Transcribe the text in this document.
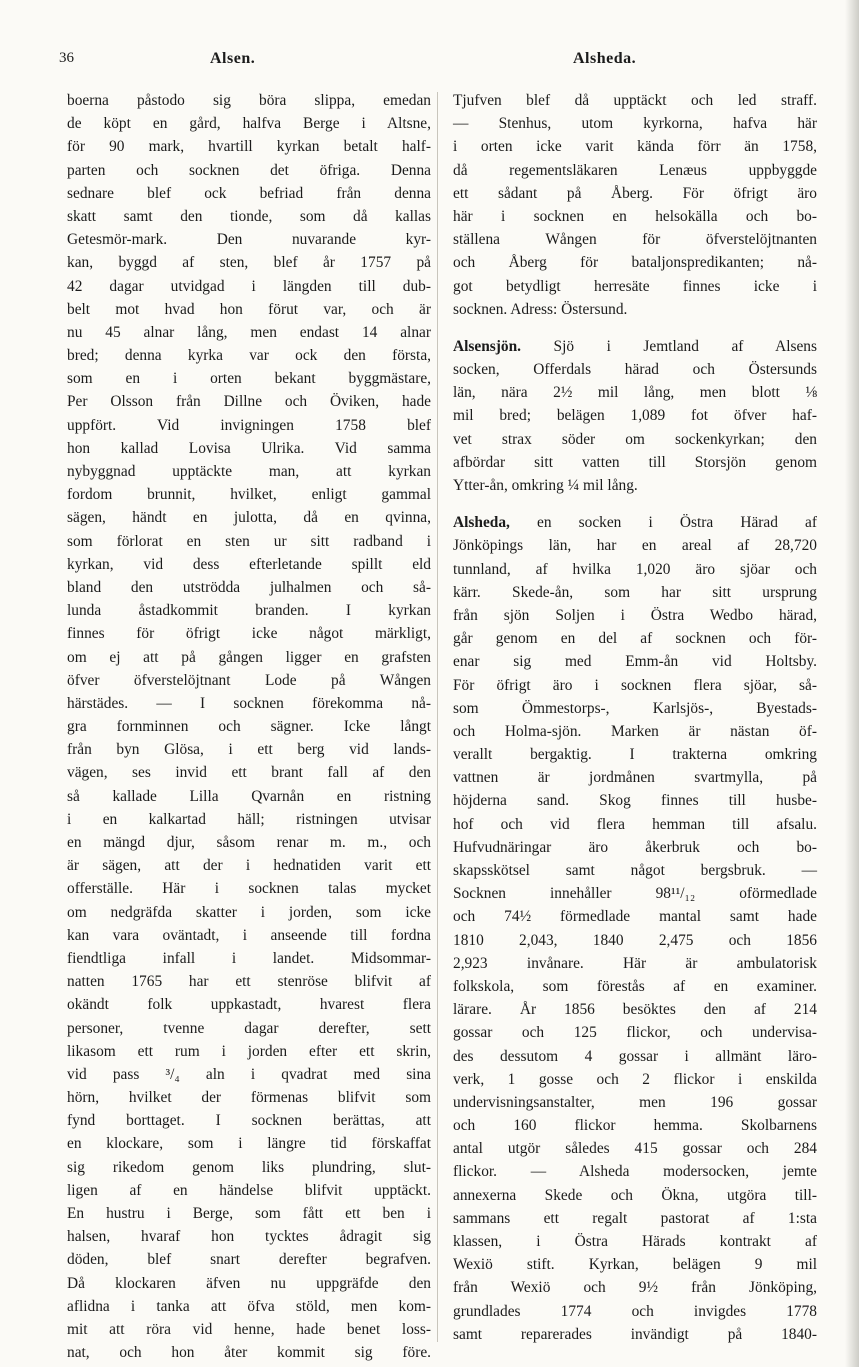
36	Alsen.	Alsheda.
boerna påstodo sig böra slippa, emedan
de köpt en gård, halfva Berge i Altsne,
för 90 mark, hvartill kyrkan betalt half-
parten och socknen det öfriga. Denna
sednare blef ock befriad från denna
skatt samt den tionde, som då kallas
Getesmör-mark. Den nuvarande kyr-
kan, byggd af sten, blef år 1757 på
42 dagar utvidgad i längden till dub-
belt mot hvad hon förut var, och är
nu 45 alnar lång, men endast 14 alnar
bred; denna kyrka var ock den första,
som en i orten bekant byggmästare,
Per Olsson från Dillne och Öviken, hade
uppfört. Vid invigningen 1758 blef
hon kallad Lovisa Ulrika. Vid samma
nybyggnad upptäckte man, att kyrkan
fordom brunnit, hvilket, enligt gammal
sägen, händt en julotta, då en qvinna,
som förlorat en sten ur sitt radband i
kyrkan, vid dess efterletande spillt eld
bland den utströdda julhalmen och så-
lunda åstadkommit branden. I kyrkan
finnes för öfrigt icke något märkligt,
om ej att på gången ligger en grafsten
öfver öfverstelöjtnant Lode på Wången
härstädes. — I socknen förekomma nå-
gra fornminnen och sägner. Icke långt
från byn Glösa, i ett berg vid lands-
vägen, ses invid ett brant fall af den
så kallade Lilla Qvarnån en ristning
i en kalkartad häll; ristningen utvisar
en mängd djur, såsom renar m. m., och
är sägen, att der i hednatiden varit ett
offerställe. Här i socknen talas mycket
om nedgräfda skatter i jorden, som icke
kan vara oväntadt, i anseende till fordna
fiendtliga infall i landet. Midsommar-
natten 1765 har ett stenröse blifvit af
okändt folk uppkastadt, hvarest flera
personer, tvenne dagar derefter, sett
likasom ett rum i jorden efter ett skrin,
vid pass ³/₄ aln i qvadrat med sina
hörn, hvilket der förmenas blifvit som
fynd borttaget. I socknen berättas, att
en klockare, som i längre tid förskaffat
sig rikedom genom liks plundring, slut-
ligen af en händelse blifvit upptäckt.
En hustru i Berge, som fått ett ben i
halsen, hvaraf hon tycktes ådragit sig
döden, blef snart derefter begrafven.
Då klockaren äfven nu uppgräfde den
aflidna i tanka att öfva stöld, men kom-
mit att röra vid henne, hade benet loss-
nat, och hon åter kommit sig före.
Tjufven blef då upptäckt och led straff.
— Stenhus, utom kyrkorna, hafva här
i orten icke varit kända förr än 1758,
då regementsläkaren Lenæus uppbyggde
ett sådant på Åberg. För öfrigt äro
här i socknen en helsokälla och bo-
ställena Wången för öfverstelöjtnanten
och Åberg för bataljonspredikanten; nå-
got betydligt herresäte finnes icke i
socknen. Adress: Östersund.
Alsensjön. Sjö i Jemtland af Alsens
socken, Offerdals härad och Östersunds
län, nära 2½ mil lång, men blott ⅛
mil bred; belägen 1,089 fot öfver haf-
vet strax söder om sockenkyrkan; den
afbördar sitt vatten till Storsjön genom
Ytter-ån, omkring ¼ mil lång.
Alsheda, en socken i Östra Härad af
Jönköpings län, har en areal af 28,720
tunnland, af hvilka 1,020 äro sjöar och
kärr. Skede-ån, som har sitt ursprung
från sjön Soljen i Östra Wedbo härad,
går genom en del af socknen och för-
enar sig med Emm-ån vid Holtsby.
För öfrigt äro i socknen flera sjöar, så-
som Ömmestorps-, Karlsjös-, Byestads-
och Holma-sjön. Marken är nästan öf-
verallt bergaktig. I trakterna omkring
vattnen är jordmånen svartmylla, på
höjderna sand. Skog finnes till husbe-
hof och vid flera hemman till afsalu.
Hufvudnäringar äro åkerbruk och bo-
skapsskötsel samt något bergsbruk. —
Socknen innehåller 98¹¹/₁₂ oförmedlade
och 74½ förmedlade mantal samt hade
1810 2,043, 1840 2,475 och 1856
2,923 invånare. Här är ambulatorisk
folkskola, som förestås af en examiner.
lärare. År 1856 besöktes den af 214
gossar och 125 flickor, och undervisa-
des dessutom 4 gossar i allmänt läro-
verk, 1 gosse och 2 flickor i enskilda
undervisningsanstalter, men 196 gossar
och 160 flickor hemma. Skolbarnens
antal utgör således 415 gossar och 284
flickor. — Alsheda modersocken, jemte
annexerna Skede och Ökna, utgöra till-
sammans ett regalt pastorat af 1:sta
klassen, i Östra Härads kontrakt af
Wexiö stift. Kyrkan, belägen 9 mil
från Wexiö och 9½ från Jönköping,
grundlades 1774 och invigdes 1778
samt reparerades invändigt på 1840-
